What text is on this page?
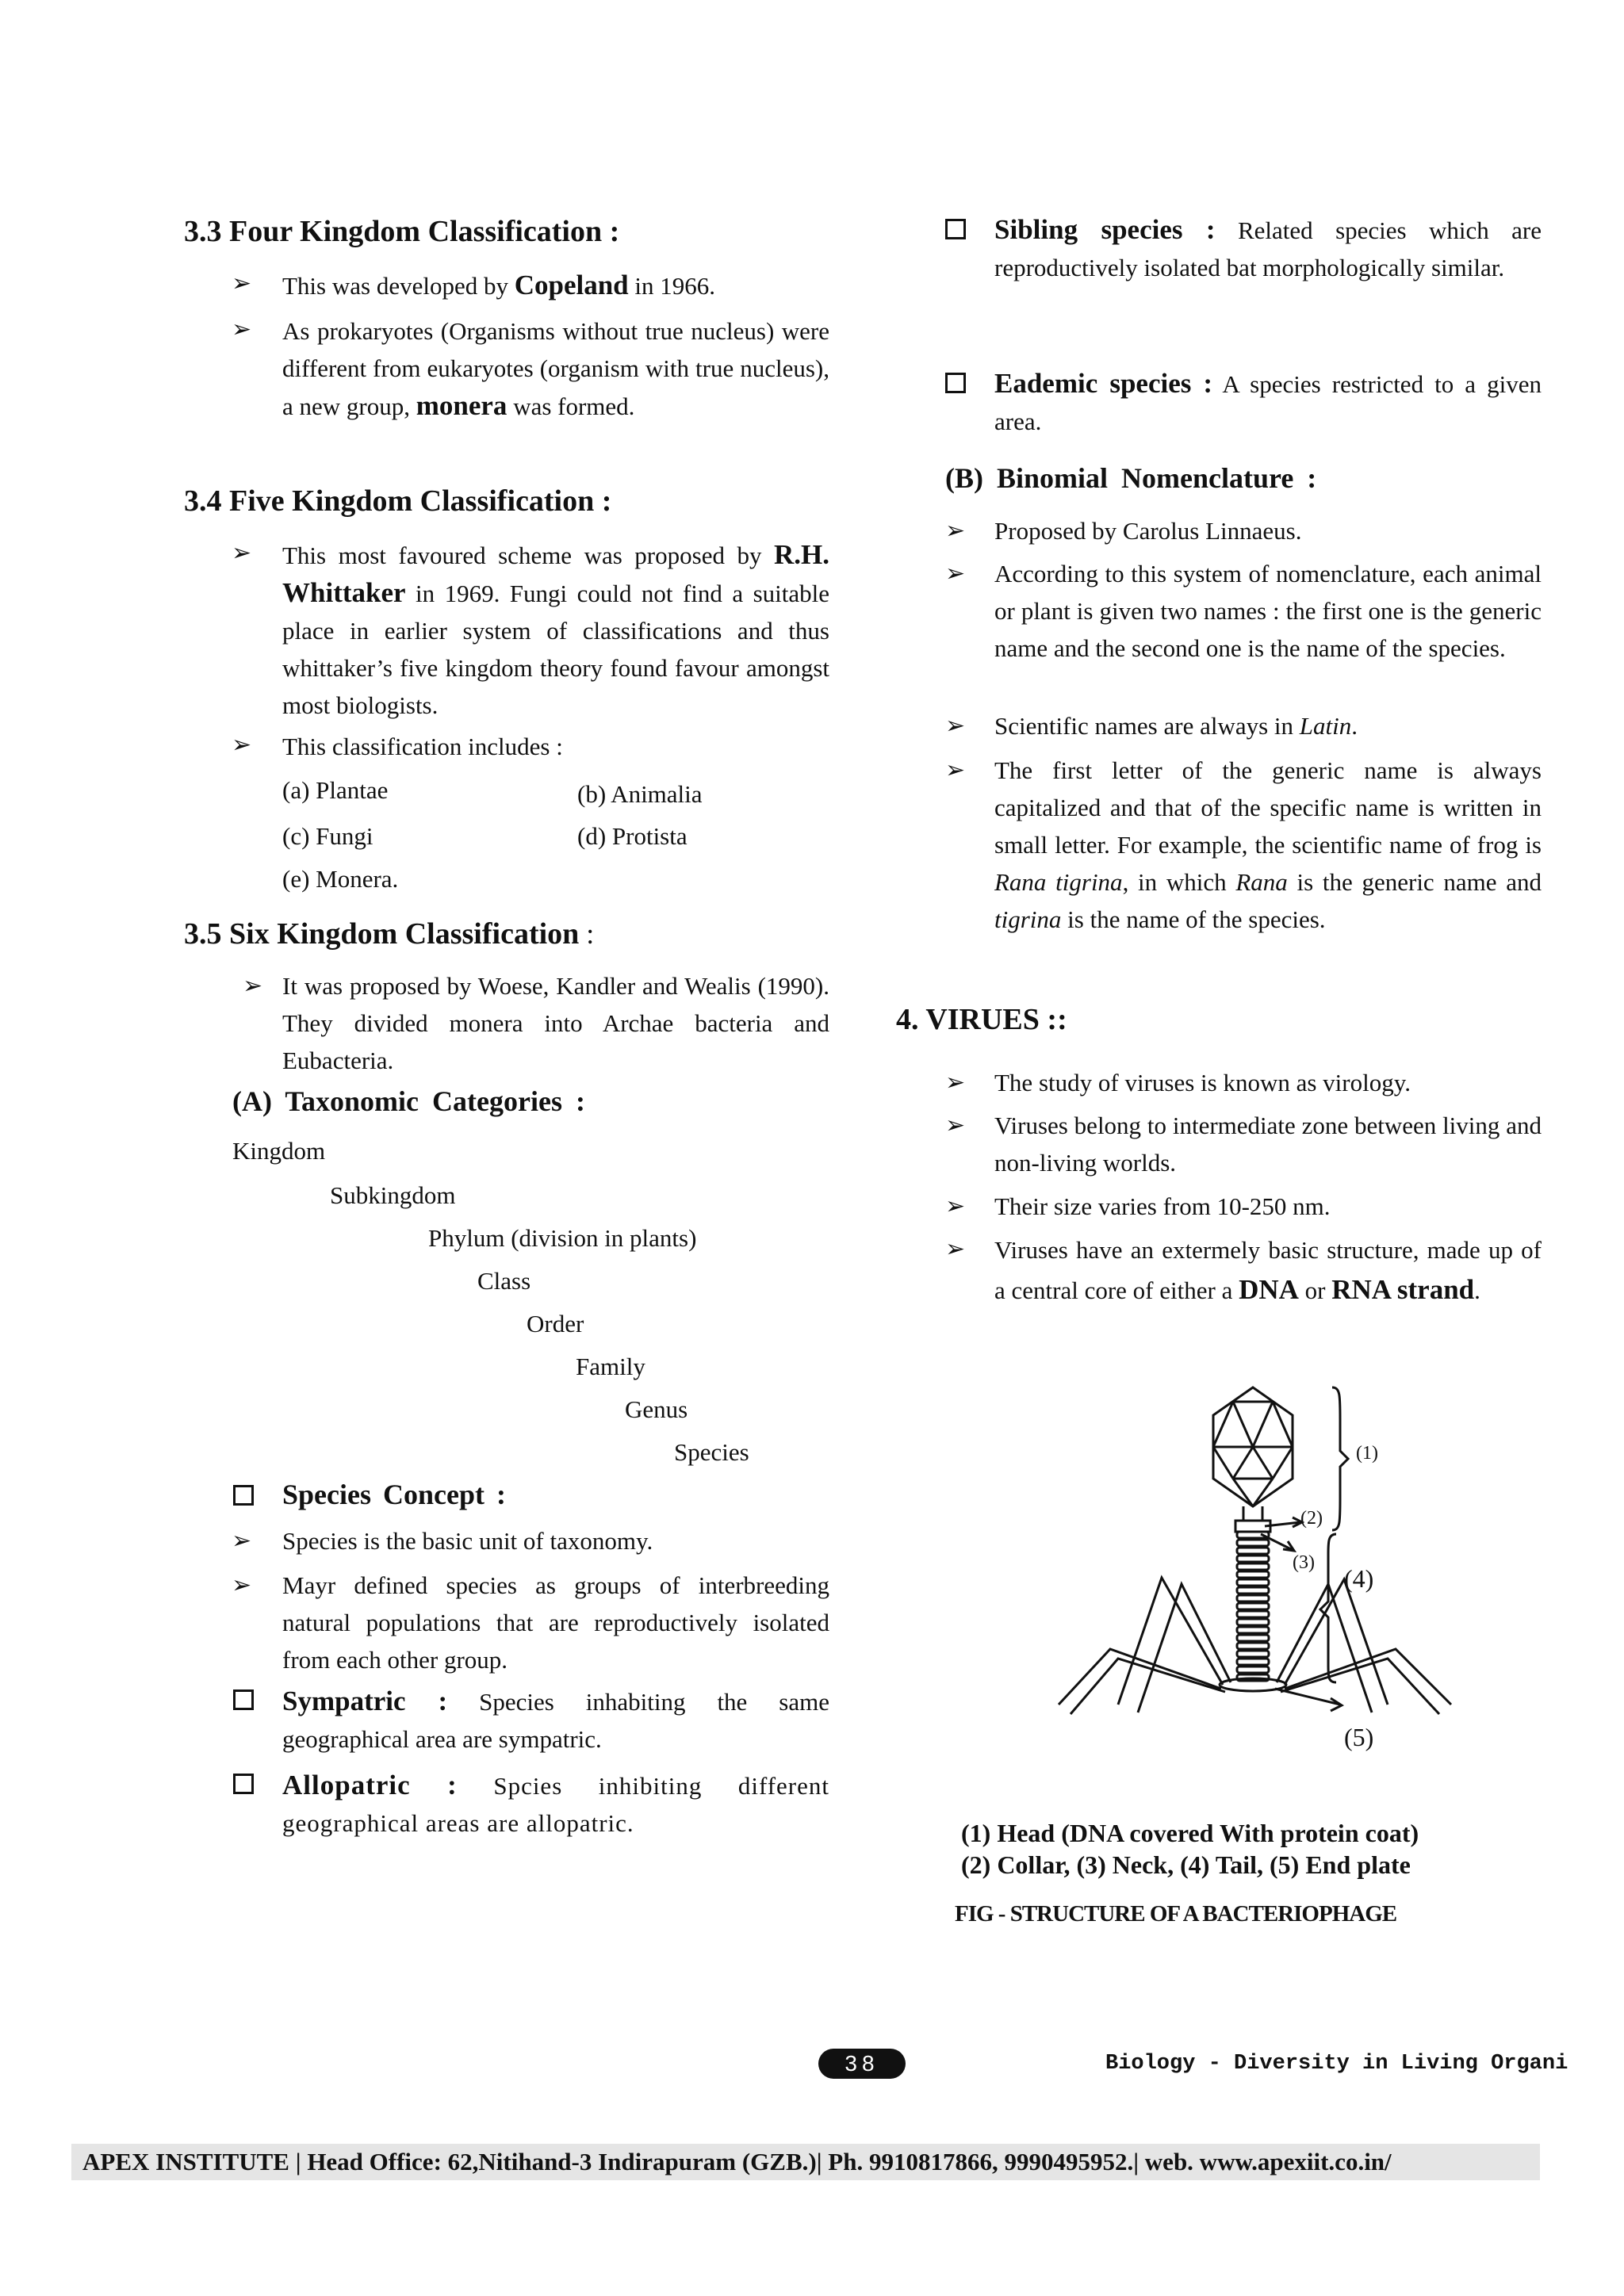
3.3 Four Kingdom Classification :
➢ This was developed by Copeland in 1966.
➢ As prokaryotes (Organisms without true nucleus) were different from eukaryotes (organism with true nucleus), a new group, monera was formed.
3.4 Five Kingdom Classification :
➢ This most favoured scheme was proposed by R.H. Whittaker in 1969. Fungi could not find a suitable place in earlier system of classifications and thus whittaker’s five kingdom theory found favour amongst most biologists.
➢ This classification includes :
(a) Plantae	(b) Animalia
(c) Fungi	(d) Protista
(e) Monera.
3.5 Six Kingdom Classification :
➢ It was proposed by Woese, Kandler and Wealis (1990). They divided monera into Archae bacteria and Eubacteria.
(A) Taxonomic Categories :
Kingdom
Subkingdom
Phylum (division in plants)
Class
Order
Family
Genus
Species
Species Concept :
➢ Species is the basic unit of taxonomy.
➢ Mayr defined species as groups of interbreeding natural populations that are reproductively isolated from each other group.
Sympatric : Species inhabiting the same geographical area are sympatric.
Allopatric : Spcies inhibiting different geographical areas are allopatric.
Sibling species : Related species which are reproductively isolated bat morphologically similar.
Eademic species : A species restricted to a given area.
(B) Binomial Nomenclature :
➢ Proposed by Carolus Linnaeus.
➢ According to this system of nomenclature, each animal or plant is given two names : the first one is the generic name and the second one is the name of the species.
➢ Scientific names are always in Latin.
➢ The first letter of the generic name is always capitalized and that of the specific name is written in small letter. For example, the scientific name of frog is Rana tigrina, in which Rana is the generic name and tigrina is the name of the species.
4. VIRUES ::
➢ The study of viruses is known as virology.
➢ Viruses belong to intermediate zone between living and non-living worlds.
➢ Their size varies from 10-250 nm.
➢ Viruses have an extermely basic structure, made up of a central core of either a DNA or RNA strand.
(1)
(2)
(3)
(4)
(5)
(1) Head (DNA covered With protein coat)
(2) Collar, (3) Neck, (4) Tail, (5) End plate
FIG - STRUCTURE OF A BACTERIOPHAGE
38	Biology - Diversity in Living Organi
APEX INSTITUTE | Head Office: 62,Nitihand-3 Indirapuram (GZB.)| Ph. 9910817866, 9990495952.| web. www.apexiit.co.in/
